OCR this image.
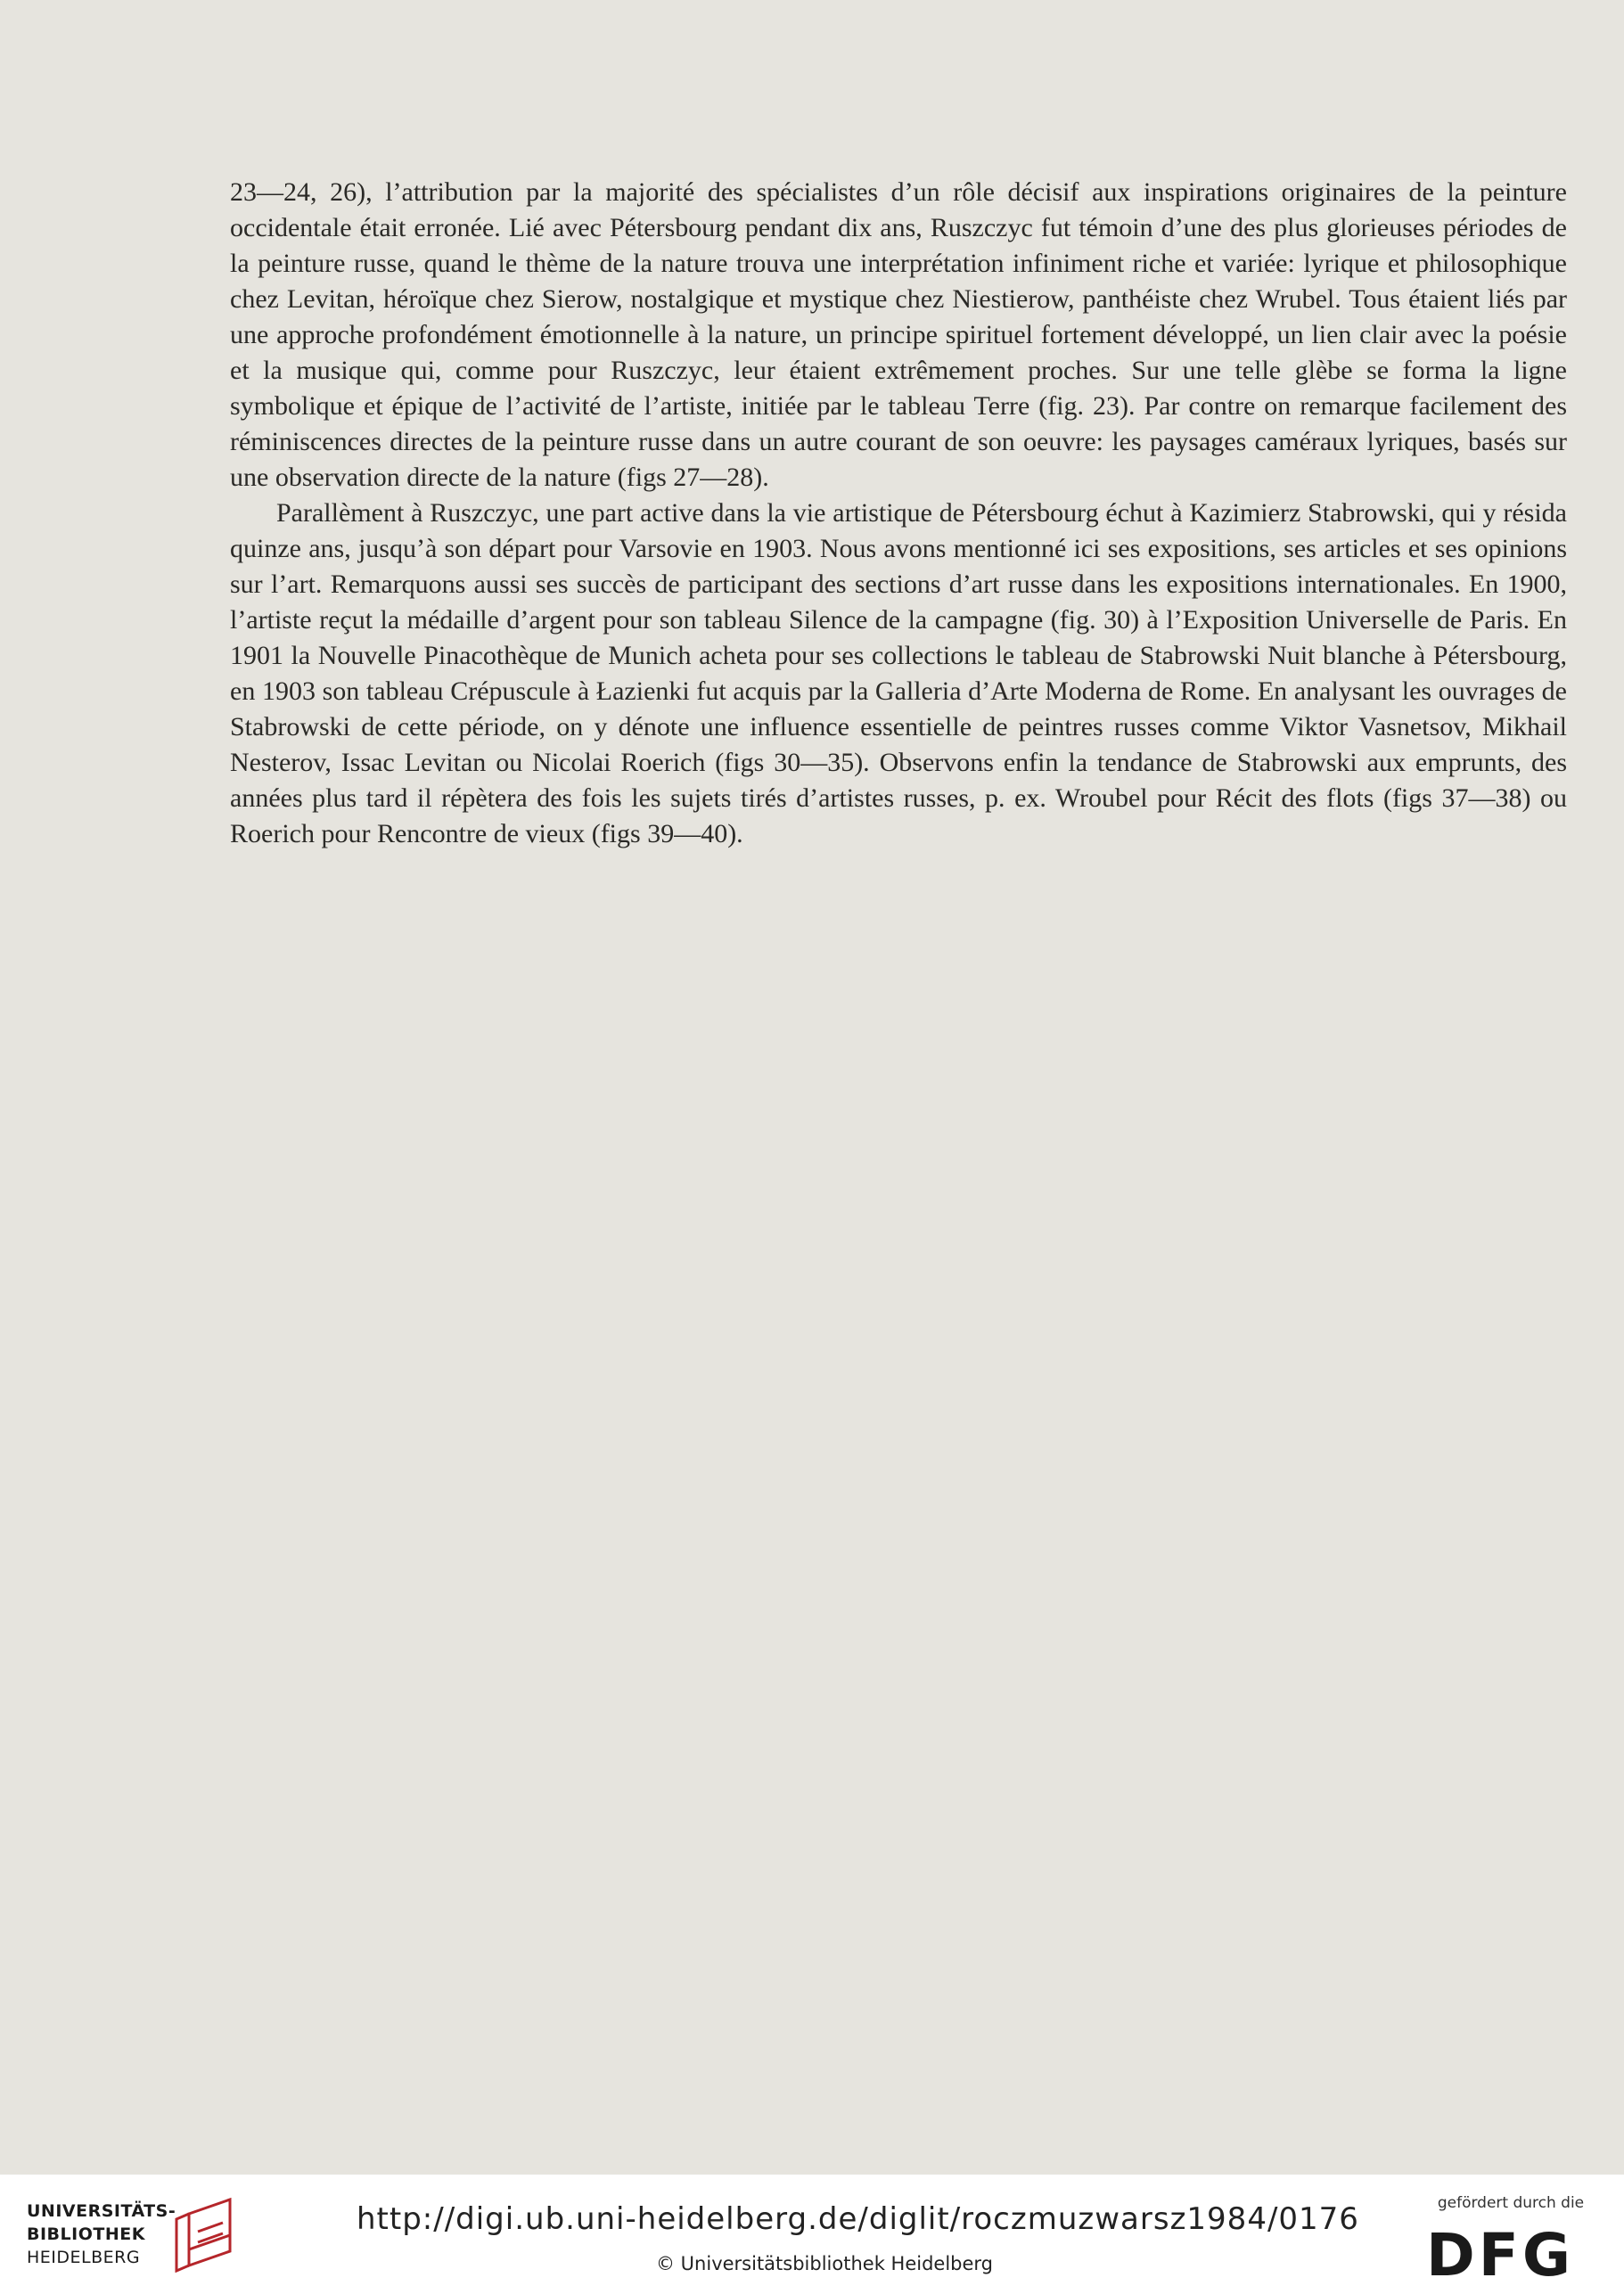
23—24, 26), l’attribution par la majorité des spécialistes d’un rôle décisif aux inspirations originaires de la peinture occidentale était erronée. Lié avec Pétersbourg pendant dix ans, Ruszczyc fut témoin d’une des plus glorieuses périodes de la peinture russe, quand le thème de la nature trouva une interprétation infiniment riche et variée: lyrique et philosophique chez Levitan, héroïque chez Sierow, nostalgique et mystique chez Niestierow, panthéiste chez Wrubel. Tous étaient liés par une approche profondément émotionnelle à la nature, un principe spirituel fortement développé, un lien clair avec la poésie et la musique qui, comme pour Ruszczyc, leur étaient extrêmement proches. Sur une telle glèbe se forma la ligne symbolique et épique de l’activité de l’artiste, initiée par le tableau Terre (fig. 23). Par contre on remarque facilement des réminiscences directes de la peinture russe dans un autre courant de son oeuvre: les paysages caméraux lyriques, basés sur une observation directe de la nature (figs 27—28).

Parallèment à Ruszczyc, une part active dans la vie artistique de Pétersbourg échut à Kazimierz Stabrowski, qui y résida quinze ans, jusqu’à son départ pour Varsovie en 1903. Nous avons mentionné ici ses expositions, ses articles et ses opinions sur l’art. Remarquons aussi ses succès de participant des sections d’art russe dans les expositions internationales. En 1900, l’artiste reçut la médaille d’argent pour son tableau Silence de la campagne (fig. 30) à l’Exposition Universelle de Paris. En 1901 la Nouvelle Pinacothèque de Munich acheta pour ses collections le tableau de Stabrowski Nuit blanche à Pétersbourg, en 1903 son tableau Crépuscule à Łazienki fut acquis par la Galleria d’Arte Moderna de Rome. En analysant les ouvrages de Stabrowski de cette période, on y dénote une influence essentielle de peintres russes comme Viktor Vasnetsov, Mikhail Nesterov, Issac Levitan ou Nicolai Roerich (figs 30—35). Observons enfin la tendance de Stabrowski aux emprunts, des années plus tard il répètera des fois les sujets tirés d’artistes russes, p. ex. Wroubel pour Récit des flots (figs 37—38) ou Roerich pour Rencontre de vieux (figs 39—40).

UNIVERSITÄTS-
BIBLIOTHEK
HEIDELBERG
http://digi.ub.uni-heidelberg.de/diglit/roczmuzwarsz1984/0176
© Universitätsbibliothek Heidelberg
gefördert durch die
DFG
